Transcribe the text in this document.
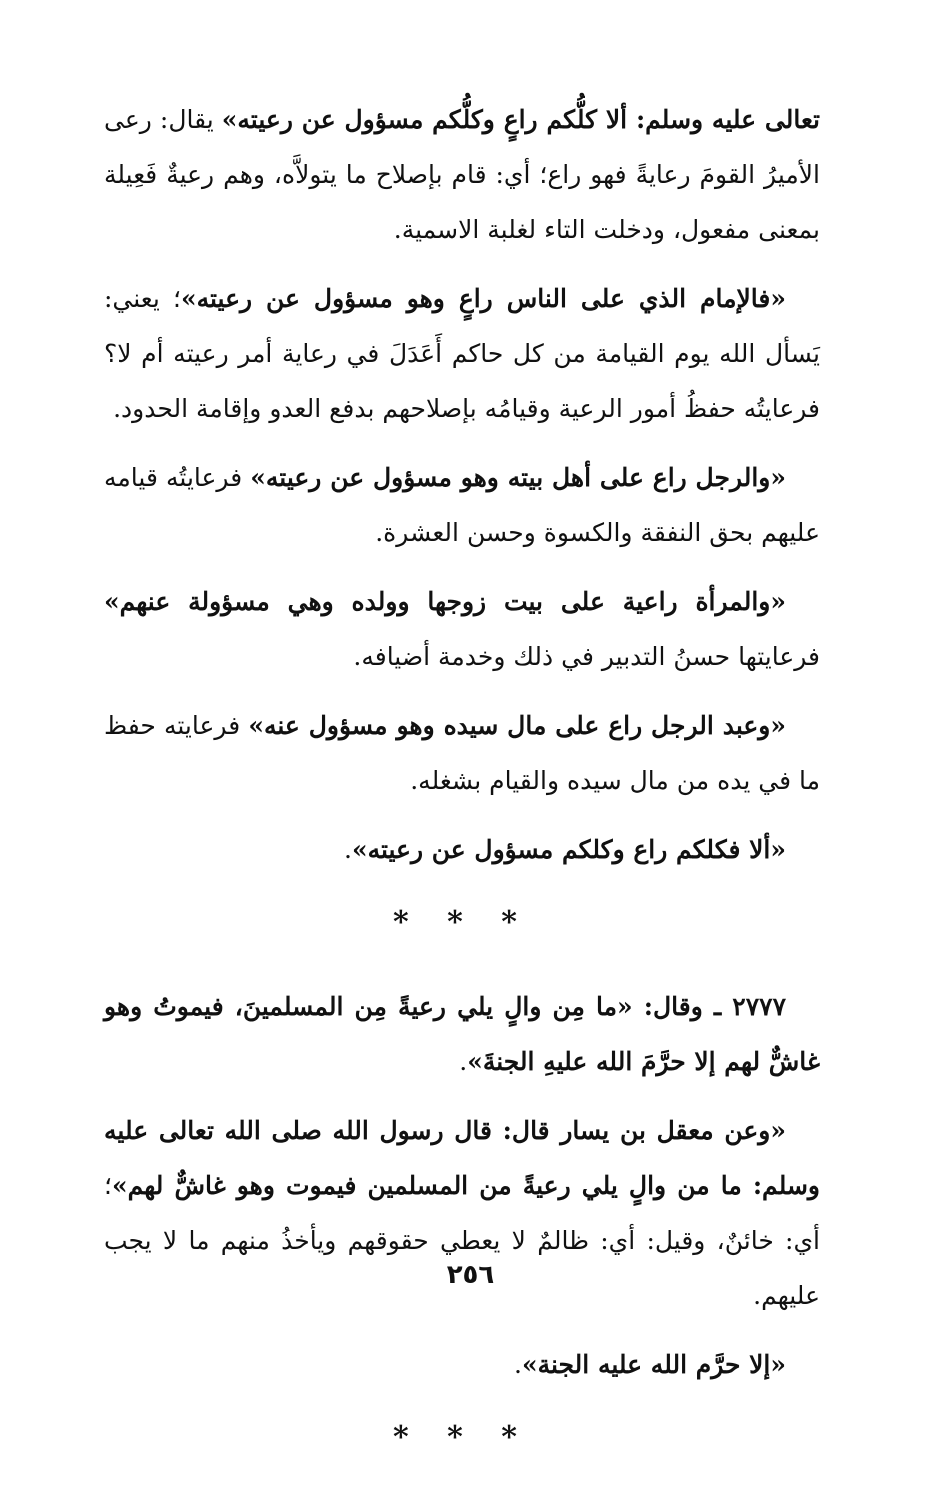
تعالى عليه وسلم: ألا كلُّكم راعٍ وكلُّكم مسؤول عن رعيته» يقال: رعى الأميرُ القومَ رعايةً فهو راع؛ أي: قام بإصلاح ما يتولاَّه، وهم رعيةٌ فَعِيلة بمعنى مفعول، ودخلت التاء لغلبة الاسمية.

«فالإمام الذي على الناس راعٍ وهو مسؤول عن رعيته»؛ يعني: يَسأل الله يوم القيامة من كل حاكم أَعَدَلَ في رعاية أمر رعيته أم لا؟ فرعايتُه حفظُ أمور الرعية وقيامُه بإصلاحهم بدفع العدو وإقامة الحدود.

«والرجل راع على أهل بيته وهو مسؤول عن رعيته» فرعايتُه قيامه عليهم بحق النفقة والكسوة وحسن العشرة.

«والمرأة راعية على بيت زوجها وولده وهي مسؤولة عنهم» فرعايتها حسنُ التدبير في ذلك وخدمة أضيافه.

«وعبد الرجل راع على مال سيده وهو مسؤول عنه» فرعايته حفظ ما في يده من مال سيده والقيام بشغله.

«ألا فكلكم راع وكلكم مسؤول عن رعيته».

* * *

٢٧٧٧ ـ وقال: «ما مِن والٍ يلي رعيةً مِن المسلمينَ، فيموتُ وهو غاشٌّ لهم إلا حرَّمَ الله عليهِ الجنةَ».

«وعن معقل بن يسار قال: قال رسول الله صلى الله تعالى عليه وسلم: ما من والٍ يلي رعيةً من المسلمين فيموت وهو غاشٌّ لهم»؛ أي: خائنٌ، وقيل: أي: ظالمٌ لا يعطي حقوقهم ويأخذُ منهم ما لا يجب عليهم.

«إلا حرَّم الله عليه الجنة».

* * *
٢٥٦
